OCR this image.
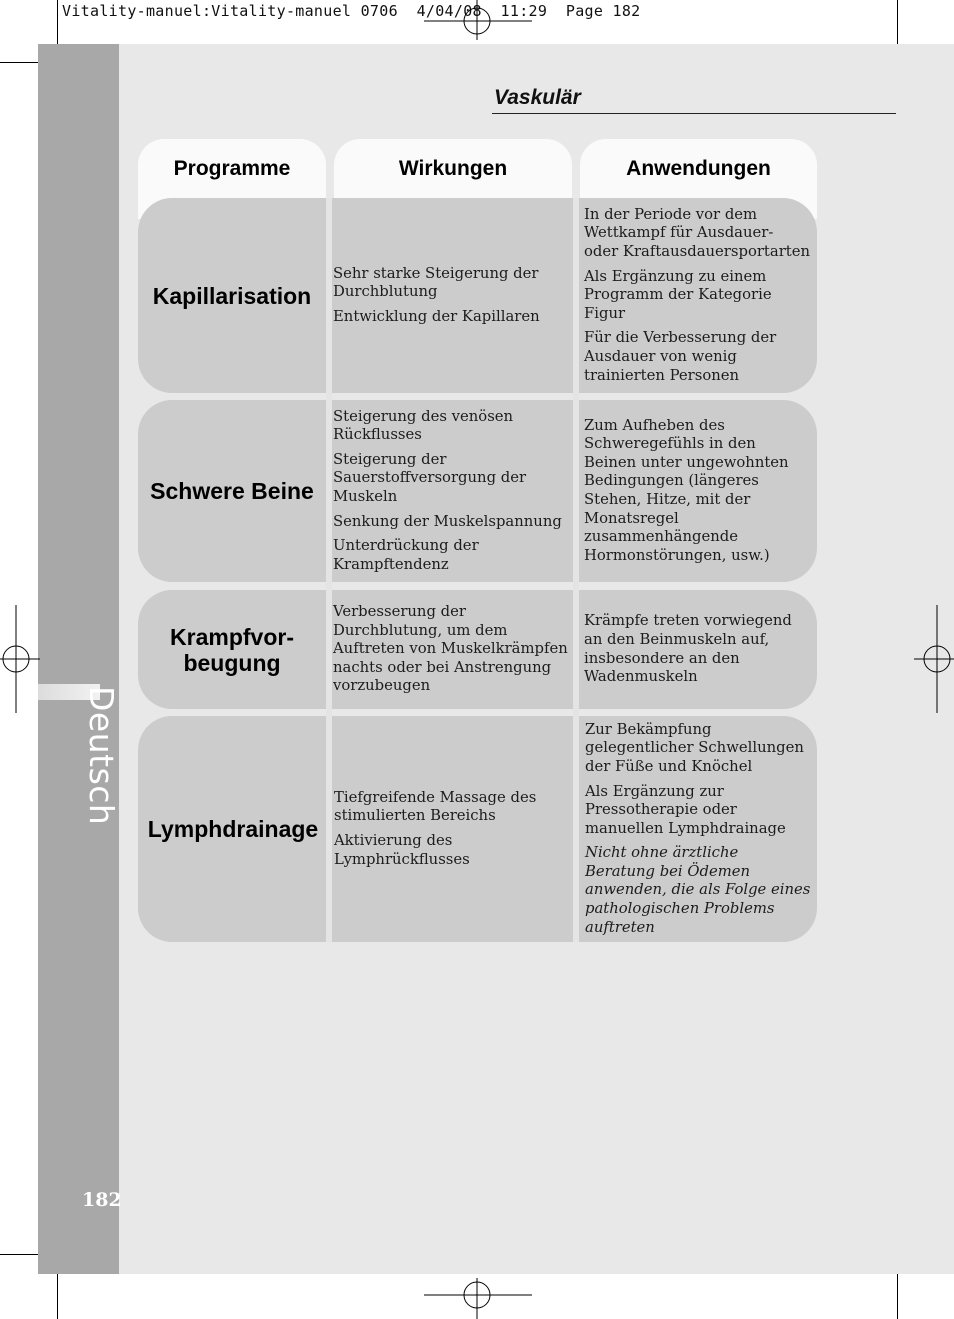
Vitality-manuel:Vitality-manuel 0706  4/04/08  11:29  Page 182
Deutsch
182
Vaskulär
Programme	Wirkungen	Anwendungen
Kapillarisation

Sehr starke Steigerung der Durchblutung

Entwicklung der Kapillaren

In der Periode vor dem Wettkampf für Ausdauer- oder Kraftausdauersportarten

Als Ergänzung zu einem Programm der Kategorie Figur

Für die Verbesserung der Ausdauer von wenig trainierten Personen

Schwere Beine

Steigerung des venösen Rückflusses

Steigerung der Sauerstoffversorgung der Muskeln

Senkung der Muskelspannung

Unterdrückung der Krampftendenz

Zum Aufheben des Schweregefühls in den Beinen unter ungewohnten Bedingungen (längeres Stehen, Hitze, mit der Monatsregel zusammenhängende Hormonstörungen, usw.)

Krampfvor-
beugung

Verbesserung der Durchblutung, um dem Auftreten von Muskelkrämpfen nachts oder bei Anstrengung vorzubeugen

Krämpfe treten vorwiegend an den Beinmuskeln auf, insbesondere an den Wadenmuskeln

Lymphdrainage

Tiefgreifende Massage des stimulierten Bereichs

Aktivierung des Lymphrückflusses

Zur Bekämpfung gelegentlicher Schwellungen der Füße und Knöchel

Als Ergänzung zur Pressotherapie oder manuellen Lymphdrainage

Nicht ohne ärztliche Beratung bei Ödemen anwenden, die als Folge eines pathologischen Problems auftreten
